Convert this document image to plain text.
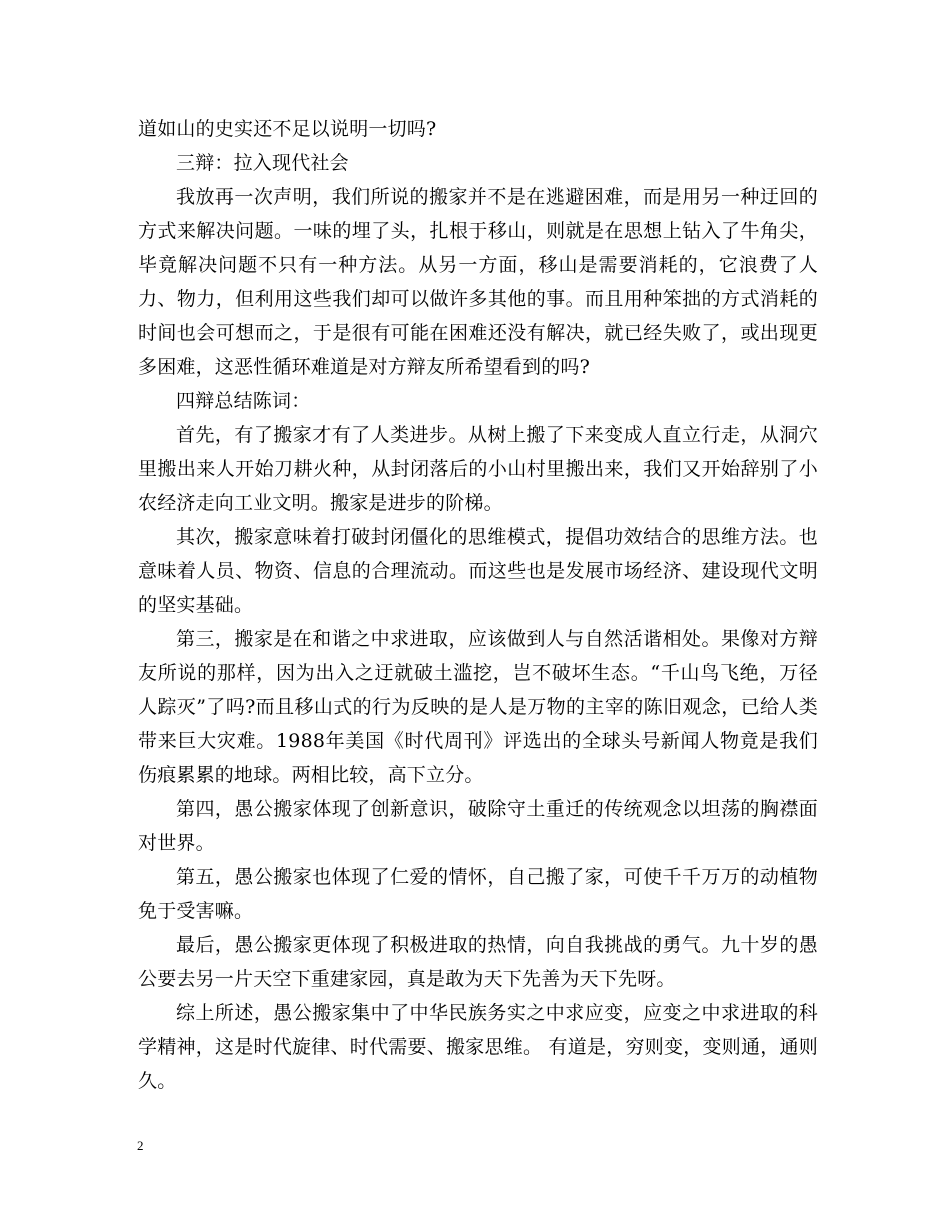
道如山的史实还不足以说明一切吗?

三辩：拉入现代社会

我放再一次声明，我们所说的搬家并不是在逃避困难，而是用另一种迂回的方式来解决问题。一味的埋了头，扎根于移山，则就是在思想上钻入了牛角尖，毕竟解决问题不只有一种方法。从另一方面，移山是需要消耗的，它浪费了人力、物力，但利用这些我们却可以做许多其他的事。而且用种笨拙的方式消耗的时间也会可想而之，于是很有可能在困难还没有解决，就已经失败了，或出现更多困难，这恶性循环难道是对方辩友所希望看到的吗?

四辩总结陈词：

首先，有了搬家才有了人类进步。从树上搬了下来变成人直立行走，从洞穴里搬出来人开始刀耕火种，从封闭落后的小山村里搬出来，我们又开始辞别了小农经济走向工业文明。搬家是进步的阶梯。

其次，搬家意味着打破封闭僵化的思维模式，提倡功效结合的思维方法。也意味着人员、物资、信息的合理流动。而这些也是发展市场经济、建设现代文明的坚实基础。

第三，搬家是在和谐之中求进取，应该做到人与自然活谐相处。果像对方辩友所说的那样，因为出入之迂就破土滥挖，岂不破坏生态。“千山鸟飞绝，万径人踪灭”了吗?而且移山式的行为反映的是人是万物的主宰的陈旧观念，已给人类带来巨大灾难。1988年美国《时代周刊》评选出的全球头号新闻人物竟是我们伤痕累累的地球。两相比较，高下立分。

第四，愚公搬家体现了创新意识，破除守土重迁的传统观念以坦荡的胸襟面对世界。

第五，愚公搬家也体现了仁爱的情怀，自己搬了家，可使千千万万的动植物免于受害嘛。

最后，愚公搬家更体现了积极进取的热情，向自我挑战的勇气。九十岁的愚公要去另一片天空下重建家园，真是敢为天下先善为天下先呀。

综上所述，愚公搬家集中了中华民族务实之中求应变，应变之中求进取的科学精神，这是时代旋律、时代需要、搬家思维。 有道是，穷则变，变则通，通则久。

2
